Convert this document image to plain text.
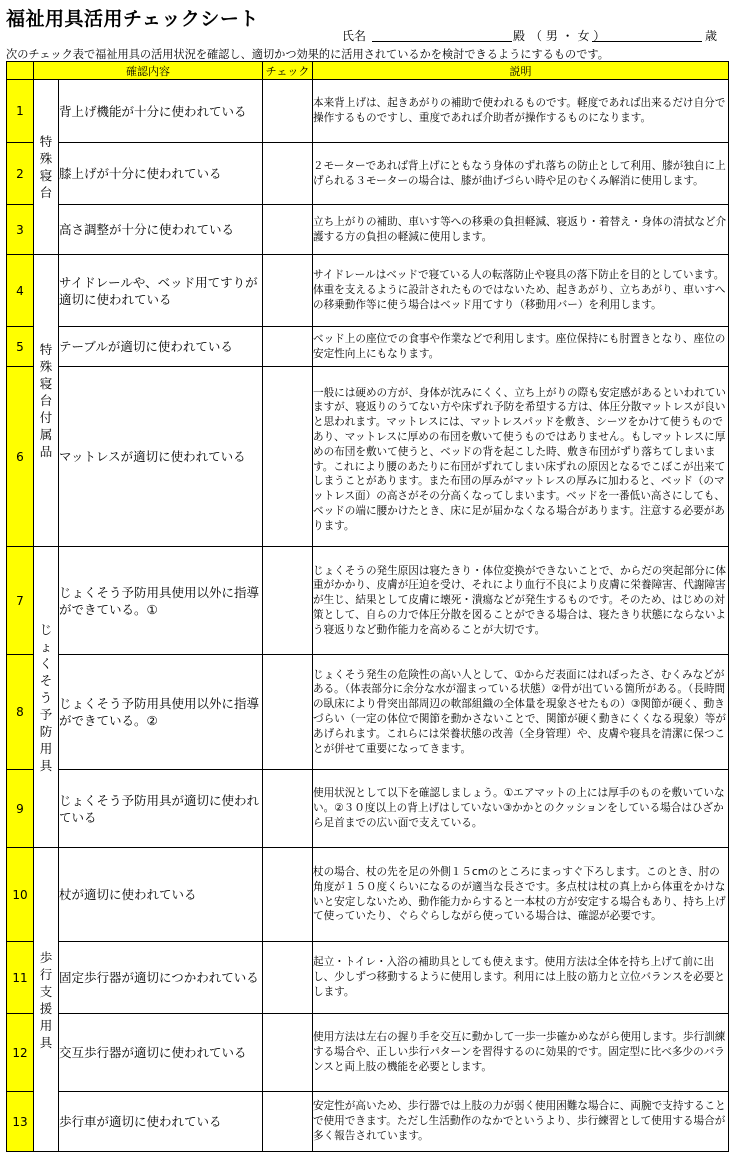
福祉用具活用チェックシート
氏名	殿 （ 男 ・ 女 ）	歳
次のチェック表で福祉用具の活用状況を確認し、適切かつ効果的に活用されているかを検討できるようにするものです。
	確認内容		チェック	説明
1	特殊寝台	背上げ機能が十分に使われている		本来背上げは、起きあがりの補助で使われるものです。軽度であれば出来るだけ自分で操作するものですし、重度であれば介助者が操作するものになります。
2		膝上げが十分に使われている		２モーターであれば背上げにともなう身体のずれ落ちの防止として利用、膝が独自に上げられる３モーターの場合は、膝が曲げづらい時や足のむくみ解消に使用します。
3		高さ調整が十分に使われている		立ち上がりの補助、車いす等への移乗の負担軽減、寝返り・着替え・身体の清拭など介護する方の負担の軽減に使用します。
4	特殊寝台付属品	サイドレールや、ベッド用てすりが適切に使われている		サイドレールはベッドで寝ている人の転落防止や寝具の落下防止を目的としています。体重を支えるように設計されたものではないため、起きあがり、立ちあがり、車いすへの移乗動作等に使う場合はベッド用てすり（移動用バー）を利用します。
5		テーブルが適切に使われている		ベッド上の座位での食事や作業などで利用します。座位保持にも肘置きとなり、座位の安定性向上にもなります。
6		マットレスが適切に使われている		一般には硬めの方が、身体が沈みにくく、立ち上がりの際も安定感があるといわれていますが、寝返りのうてない方や床ずれ予防を希望する方は、体圧分散マットレスが良いと思われます。マットレスには、マットレスパッドを敷き、シーツをかけて使うものであり、マットレスに厚めの布団を敷いて使うものではありません。もしマットレスに厚めの布団を敷いて使うと、ベッドの背を起こした時、敷き布団がずり落ちてしまいます。これにより腰のあたりに布団がずれてしまい床ずれの原因となるでこぼこが出来てしまうことがあります。また布団の厚みがマットレスの厚みに加わると、ベッド（のマットレス面）の高さがその分高くなってしまいます。ベッドを一番低い高さにしても、ベッドの端に腰かけたとき、床に足が届かなくなる場合があります。注意する必要があります。
7	じょくそう予防用具	じょくそう予防用具使用以外に指導ができている。①		じょくそうの発生原因は寝たきり・体位変換ができないことで、からだの突起部分に体重がかかり、皮膚が圧迫を受け、それにより血行不良により皮膚に栄養障害、代謝障害が生じ、結果として皮膚に壊死・潰瘍などが発生するものです。そのため、はじめの対策として、自らの力で体圧分散を図ることができる場合は、寝たきり状態にならないよう寝返りなど動作能力を高めることが大切です。
8		じょくそう予防用具使用以外に指導ができている。②		じょくそう発生の危険性の高い人として、①からだ表面にはれぼったさ、むくみなどがある。（体表部分に余分な水が溜まっている状態）②骨が出ている箇所がある。（長時間の臥床により骨突出部周辺の軟部組織の全体量を現象させたもの）③関節が硬く、動きづらい（一定の体位で関節を動かさないことで、関節が硬く動きにくくなる現象）等があげられます。これらには栄養状態の改善（全身管理）や、皮膚や寝具を清潔に保つことが併せて重要になってきます。
9		じょくそう予防用具が適切に使われている		使用状況として以下を確認しましょう。①エアマットの上には厚手のものを敷いていない。②３０度以上の背上げはしていない③かかとのクッションをしている場合はひざから足首までの広い面で支えている。
10	歩行支援用具	杖が適切に使われている		杖の場合、杖の先を足の外側１５cmのところにまっすぐ下ろします。このとき、肘の角度が１５０度くらいになるのが適当な長さです。多点杖は杖の真上から体重をかけないと安定しないため、動作能力からすると一本杖の方が安定する場合もあり、持ち上げて使っていたり、ぐらぐらしながら使っている場合は、確認が必要です。
11		固定歩行器が適切につかわれている		起立・トイレ・入浴の補助具としても使えます。使用方法は全体を持ち上げて前に出し、少しずつ移動するように使用します。利用には上肢の筋力と立位バランスを必要とします。
12		交互歩行器が適切に使われている		使用方法は左右の握り手を交互に動かして一歩一歩確かめながら使用します。歩行訓練する場合や、正しい歩行パターンを習得するのに効果的です。固定型に比べ多少のバランスと両上肢の機能を必要とします。
13		歩行車が適切に使われている		安定性が高いため、歩行器では上肢の力が弱く使用困難な場合に、両腕で支持することで使用できます。ただし生活動作のなかでというより、歩行練習として使用する場合が多く報告されています。
